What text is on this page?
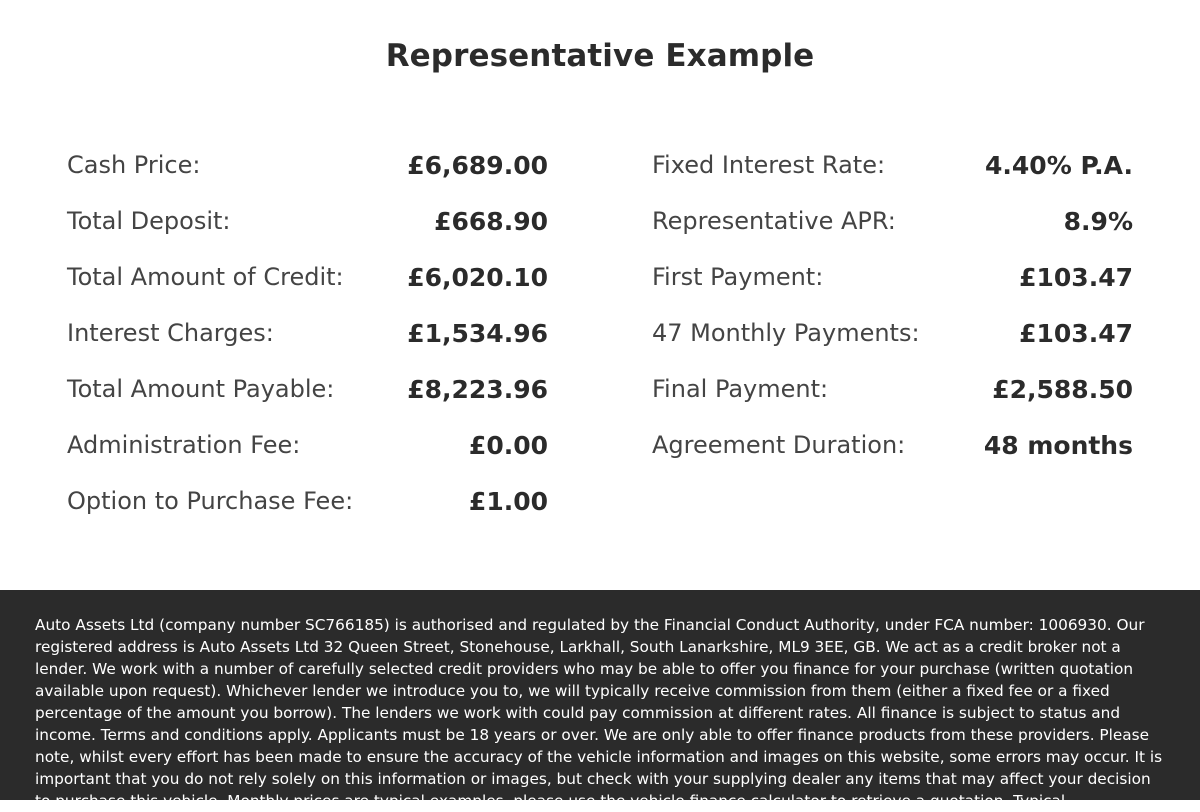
Representative Example
Cash Price:	£6,689.00
Total Deposit:	£668.90
Total Amount of Credit:	£6,020.10
Interest Charges:	£1,534.96
Total Amount Payable:	£8,223.96
Administration Fee:	£0.00
Option to Purchase Fee:	£1.00
Fixed Interest Rate:	4.40% P.A.
Representative APR:	8.9%
First Payment:	£103.47
47 Monthly Payments:	£103.47
Final Payment:	£2,588.50
Agreement Duration:	48 months
Auto Assets Ltd (company number SC766185) is authorised and regulated by the Financial Conduct Authority, under FCA number: 1006930. Our registered address is Auto Assets Ltd 32 Queen Street, Stonehouse, Larkhall, South Lanarkshire, ML9 3EE, GB. We act as a credit broker not a lender. We work with a number of carefully selected credit providers who may be able to offer you finance for your purchase (written quotation available upon request). Whichever lender we introduce you to, we will typically receive commission from them (either a fixed fee or a fixed percentage of the amount you borrow). The lenders we work with could pay commission at different rates. All finance is subject to status and income. Terms and conditions apply. Applicants must be 18 years or over. We are only able to offer finance products from these providers. Please note, whilst every effort has been made to ensure the accuracy of the vehicle information and images on this website, some errors may occur. It is important that you do not rely solely on this information or images, but check with your supplying dealer any items that may affect your decision to purchase this vehicle. Monthly prices are typical examples, please use the vehicle finance calculator to retrieve a quotation. Typical
